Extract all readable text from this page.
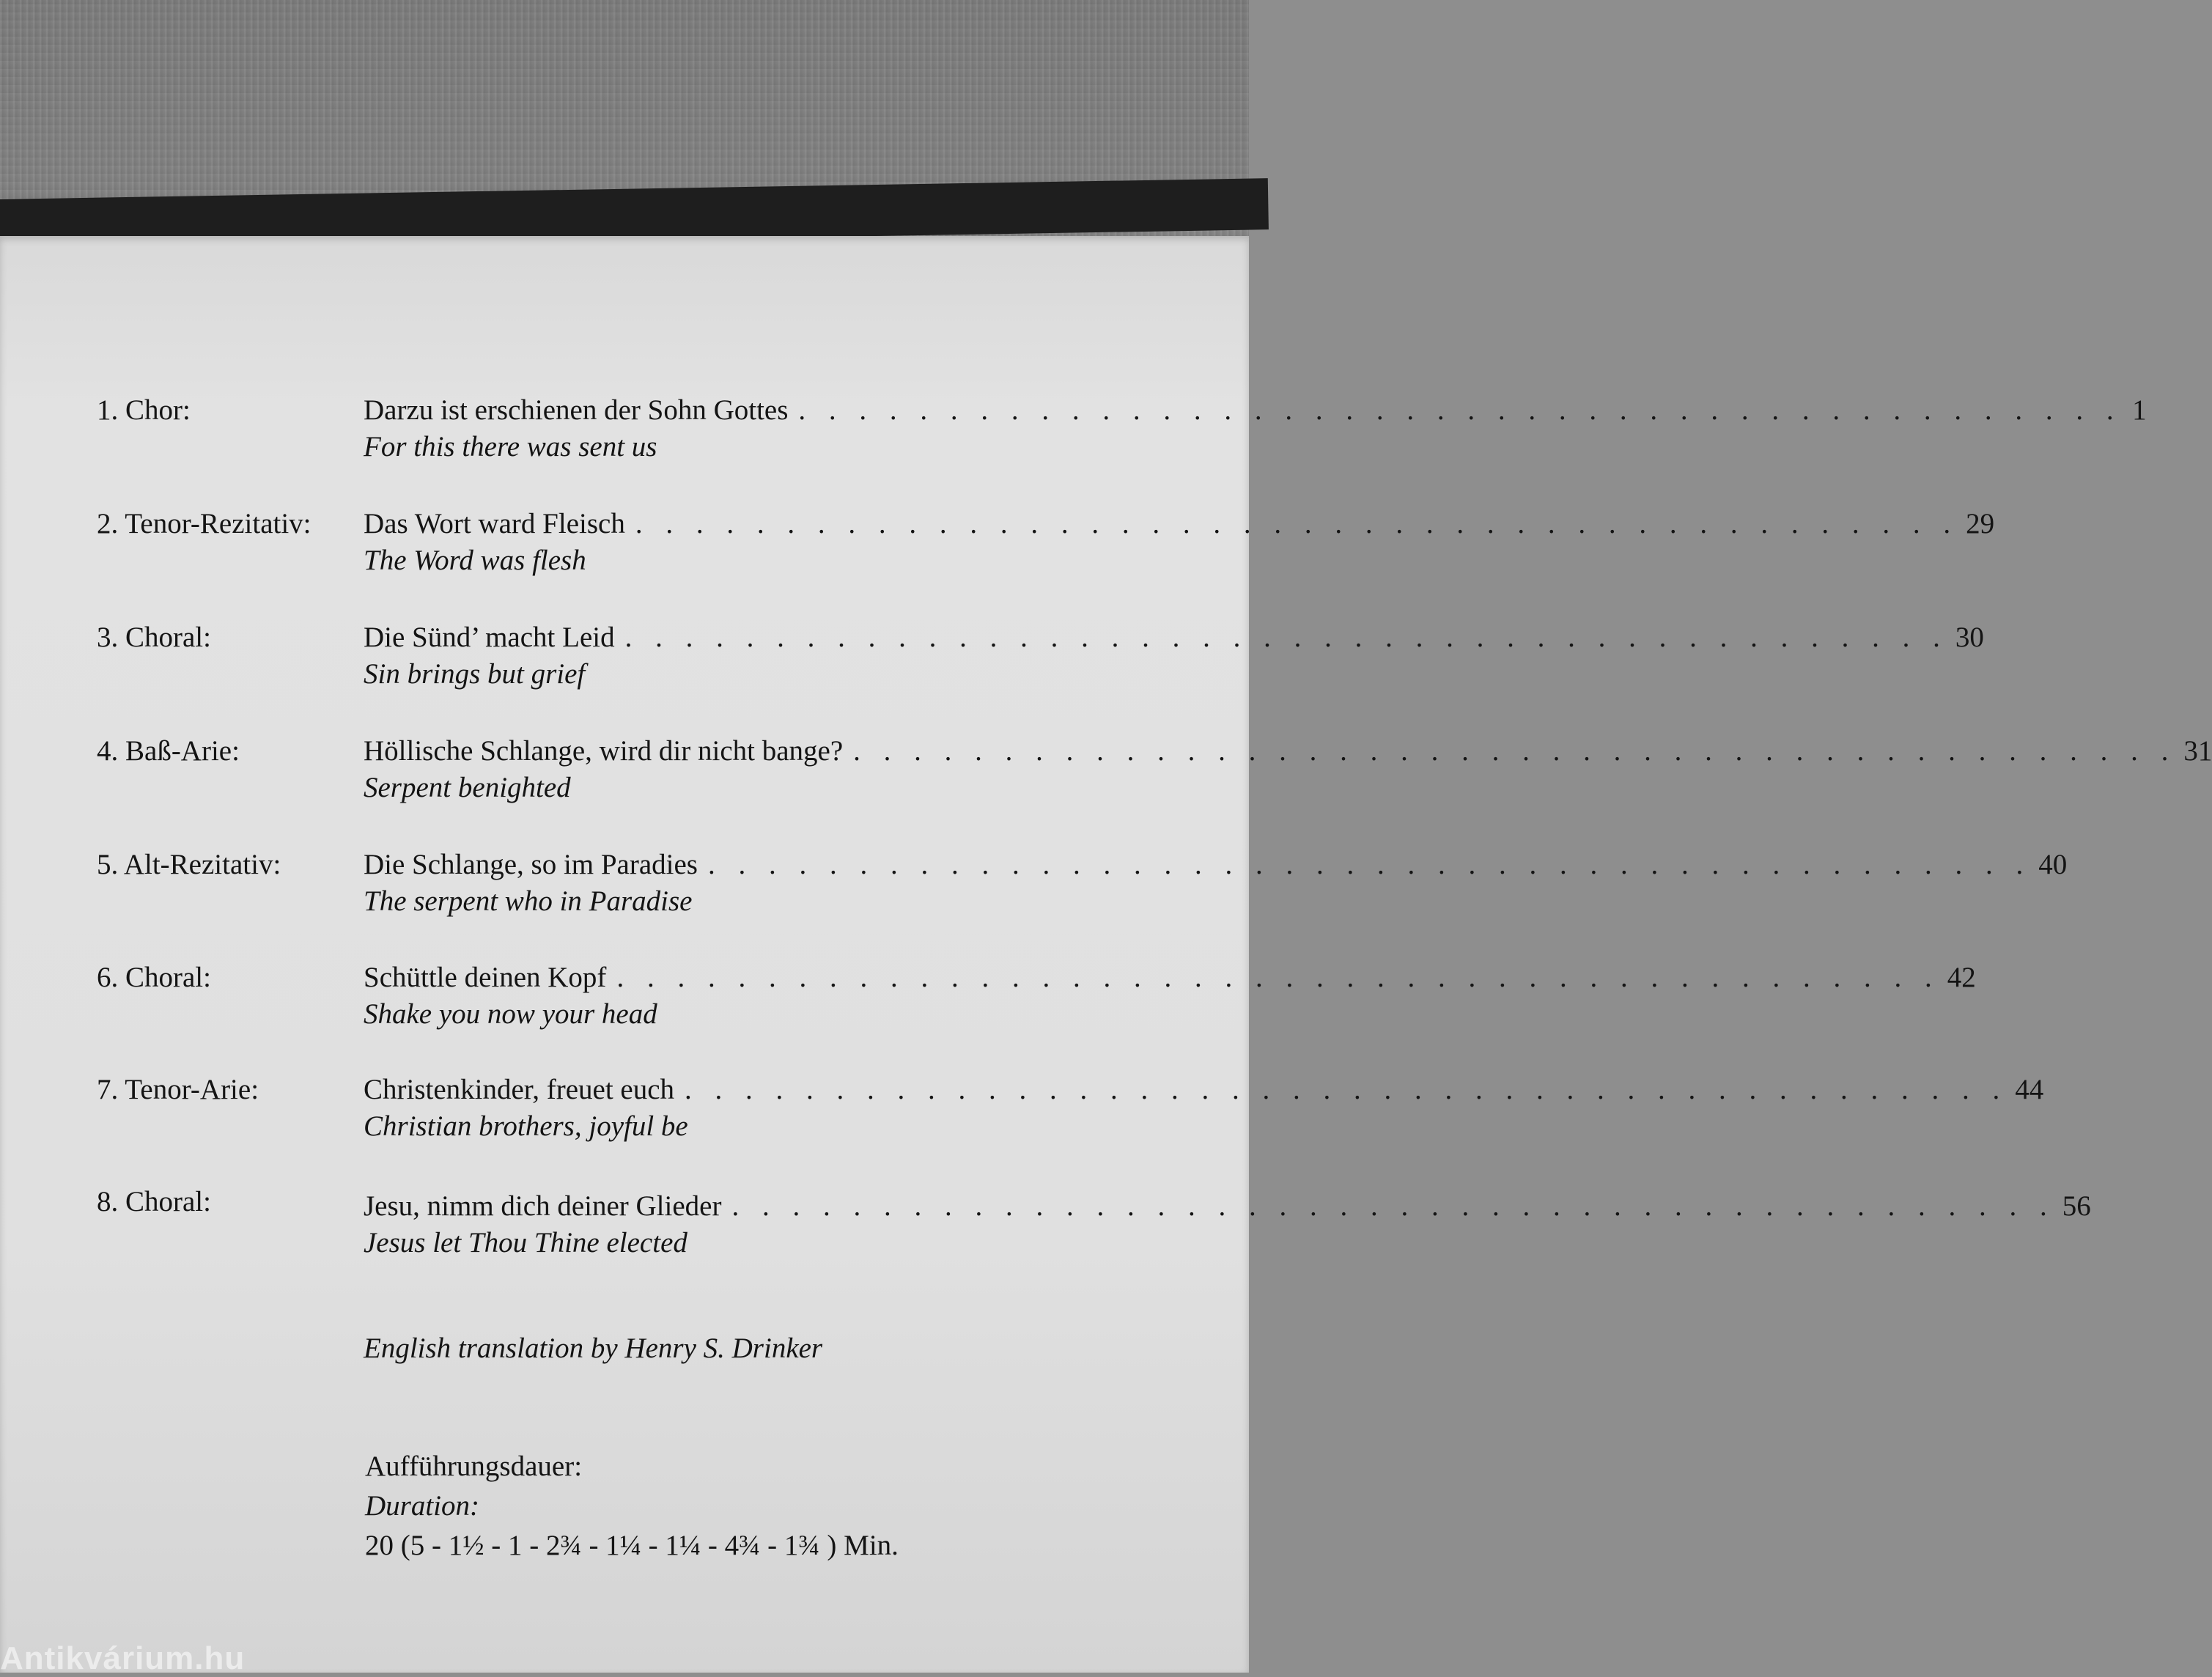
1. Chor:	Darzu ist erschienen der Sohn Gottes . . . . . . . . . . . . . . . . . . . . . . . . . . . . . . . . . . . . . . . . . . . . 1
For this there was sent us
2. Tenor-Rezitativ: Das Wort ward Fleisch . . . . . . . . . . . . . . . . . . . . . . . . . . . . . . . . . . . . . . . . . . . . 29
The Word was flesh
3. Choral:	Die Sünd’ macht Leid . . . . . . . . . . . . . . . . . . . . . . . . . . . . . . . . . . . . . . . . . . . . 30
Sin brings but grief
4. Baß-Arie:	Höllische Schlange, wird dir nicht bange? . . . . . . . . . . . . . . . . . . . . . . . . . . . . . . . . . . . . . . . . . . . . 31
Serpent benighted
5. Alt-Rezitativ:	Die Schlange, so im Paradies . . . . . . . . . . . . . . . . . . . . . . . . . . . . . . . . . . . . . . . . . . . . 40
The serpent who in Paradise
6. Choral:	Schüttle deinen Kopf . . . . . . . . . . . . . . . . . . . . . . . . . . . . . . . . . . . . . . . . . . . . 42
Shake you now your head
7. Tenor-Arie:	Christenkinder, freuet euch . . . . . . . . . . . . . . . . . . . . . . . . . . . . . . . . . . . . . . . . . . . . 44
Christian brothers, joyful be
8. Choral:	Jesu, nimm dich deiner Glieder . . . . . . . . . . . . . . . . . . . . . . . . . . . . . . . . . . . . . . . . . . . . 56
Jesus let Thou Thine elected
English translation by Henry S. Drinker
Aufführungsdauer:
Duration:
20 (5 - 1½ - 1 - 2¾ - 1¼ - 1¼ - 4¾ - 1¾ ) Min.
Antikvárium.hu
